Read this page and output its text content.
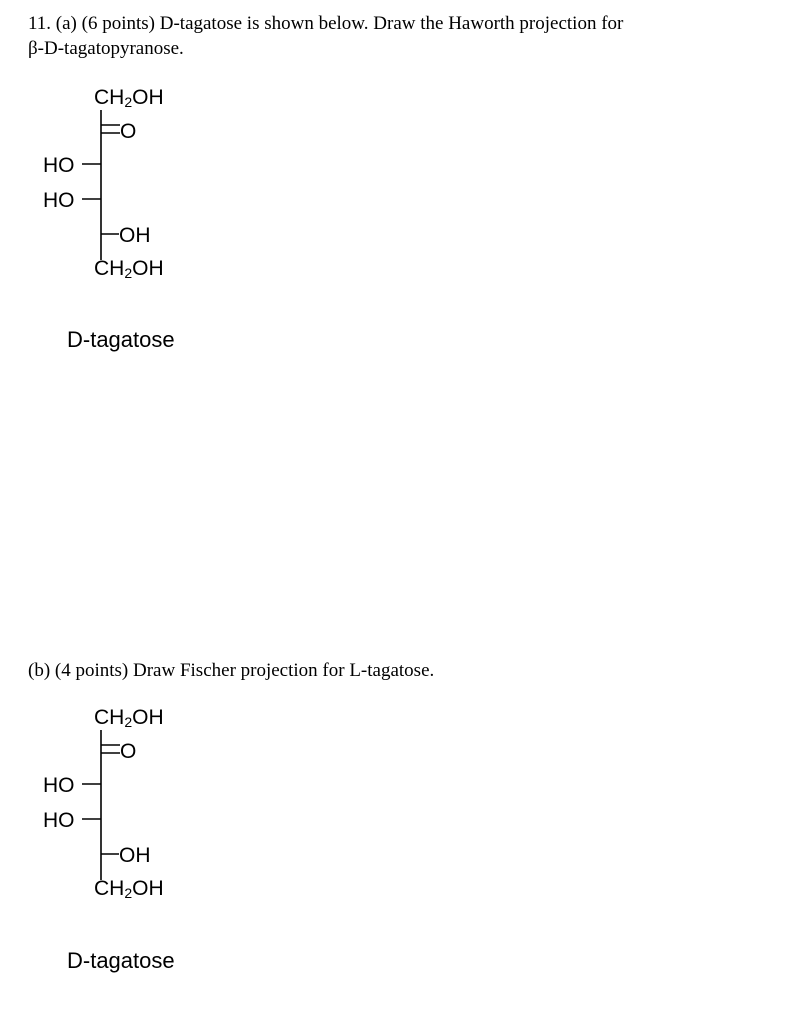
11. (a) (6 points) D-tagatose is shown below. Draw the Haworth projection for
β-D-tagatopyranose.
$CH_2OH$
O
HO
HO
OH
$CH_2OH$
D-tagatose
(b) (4 points) Draw Fischer projection for L-tagatose.
$CH_2OH$
O
HO
HO
OH
$CH_2OH$
D-tagatose
